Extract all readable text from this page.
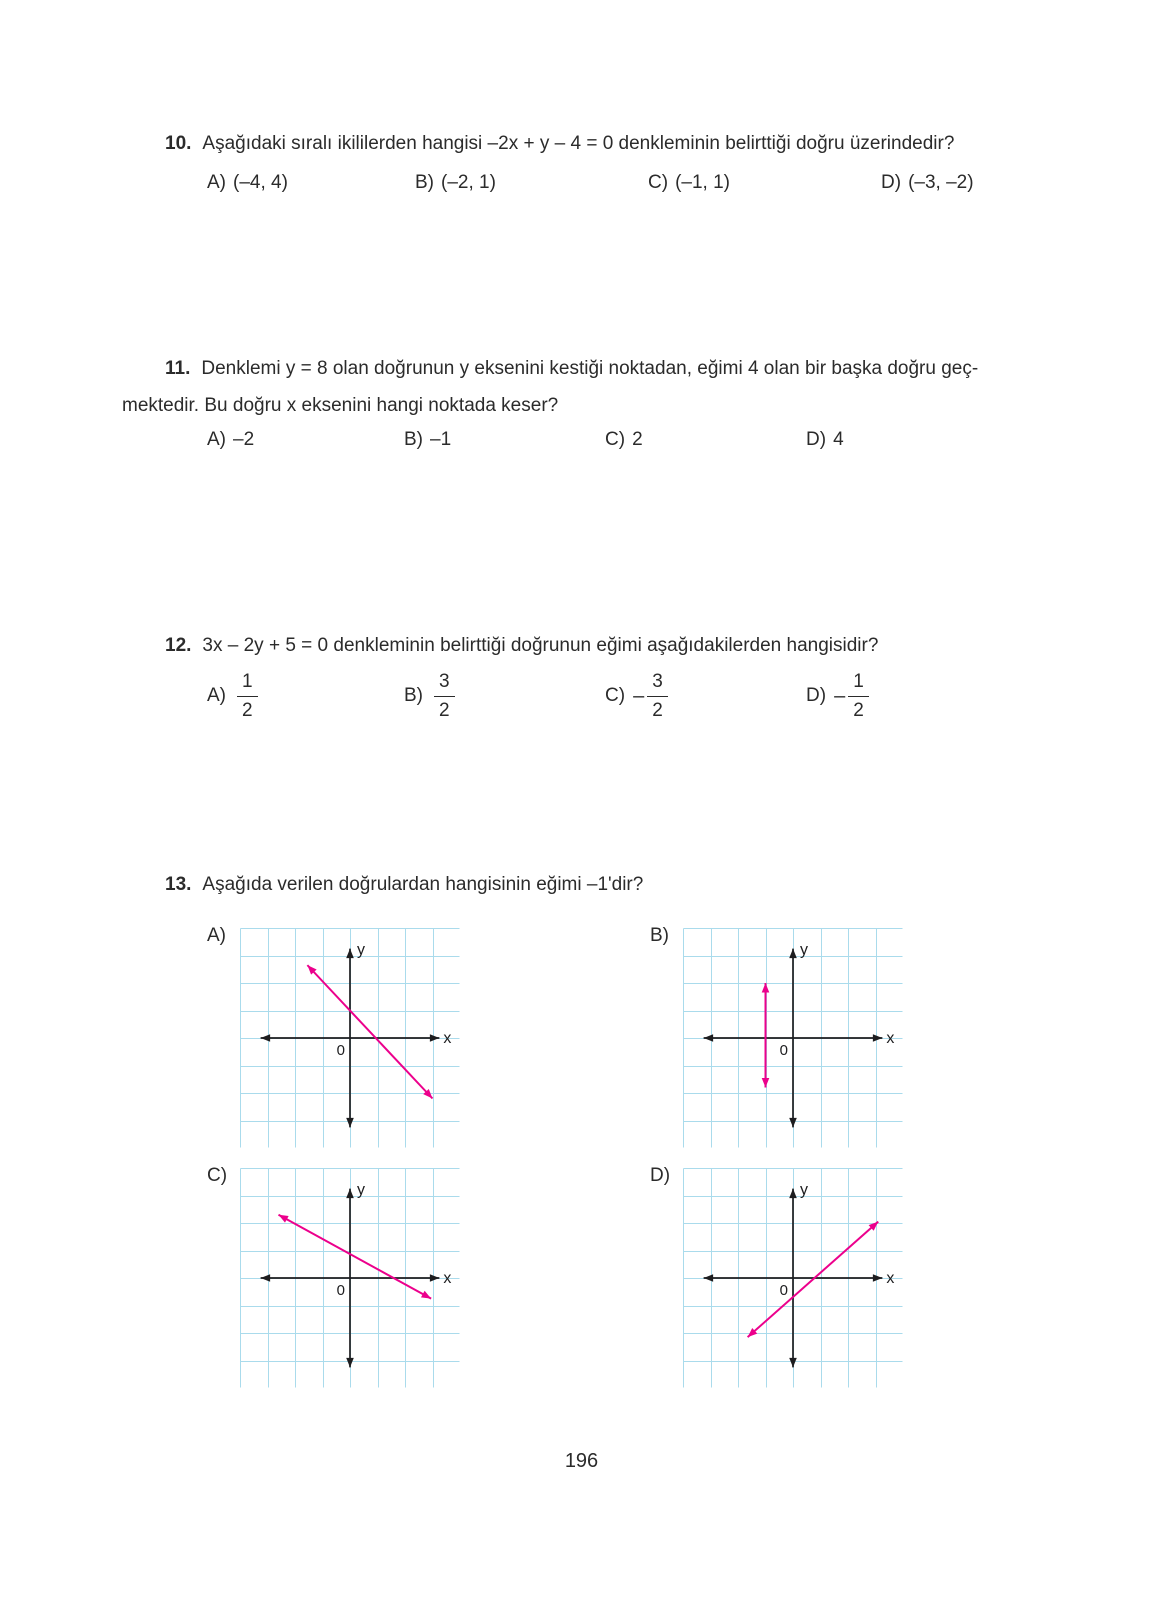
10. Aşağıdaki sıralı ikililerden hangisi –2x + y – 4 = 0 denkleminin belirttiği doğru üzerindedir?
A) (–4, 4)	B) (–2, 1)	C) (–1, 1)	D) (–3, –2)
11. Denklemi y = 8 olan doğrunun y eksenini kestiği noktadan, eğimi 4 olan bir başka doğru geç-
mektedir. Bu doğru x eksenini hangi noktada keser?
A) –2	B) –1	C) 2	D) 4
12. 3x – 2y + 5 = 0 denkleminin belirttiği doğrunun eğimi aşağıdakilerden hangisidir?
$A) \frac{1}{2}$	$B) \frac{3}{2}$	$C) - \frac{3}{2}$	$D) - \frac{1}{2}$
13. Aşağıda verilen doğrulardan hangisinin eğimi –1'dir?
A)
x
y
0
B)
x
y
0
C)
x
y
0
D)
x
y
0
196
